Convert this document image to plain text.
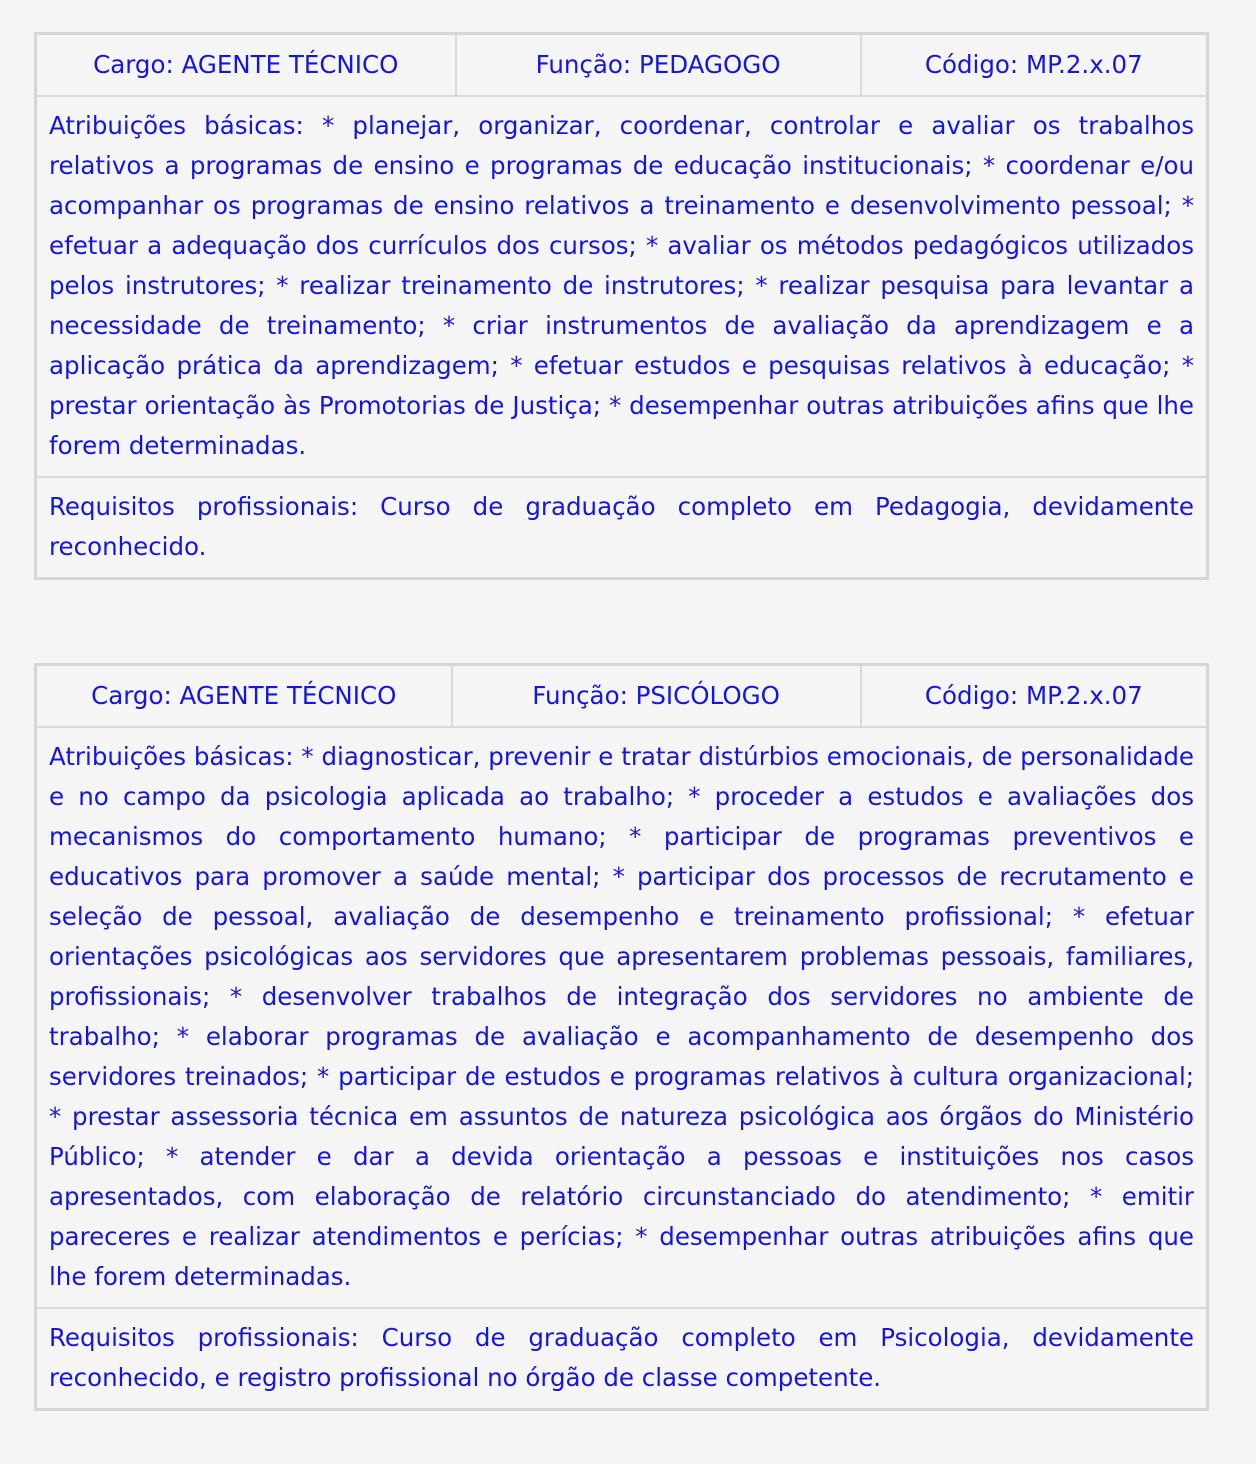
Cargo: AGENTE TÉCNICO	Função: PEDAGOGO	Código: MP.2.x.07
Atribuições básicas: * planejar, organizar, coordenar, controlar e avaliar os trabalhos relativos a programas de ensino e programas de educação institucionais; * coordenar e/ou acompanhar os programas de ensino relativos a treinamento e desenvolvimento pessoal; * efetuar a adequação dos currículos dos cursos; * avaliar os métodos pedagógicos utilizados pelos instrutores; * realizar treinamento de instrutores; * realizar pesquisa para levantar a necessidade de treinamento; * criar instrumentos de avaliação da aprendizagem e a aplicação prática da aprendizagem; * efetuar estudos e pesquisas relativos à educação; * prestar orientação às Promotorias de Justiça; * desempenhar outras atribuições afins que lhe forem determinadas.
Requisitos profissionais: Curso de graduação completo em Pedagogia, devidamente reconhecido.
Cargo: AGENTE TÉCNICO	Função: PSICÓLOGO	Código: MP.2.x.07
Atribuições básicas: * diagnosticar, prevenir e tratar distúrbios emocionais, de personalidade e no campo da psicologia aplicada ao trabalho; * proceder a estudos e avaliações dos mecanismos do comportamento humano; * participar de programas preventivos e educativos para promover a saúde mental; * participar dos processos de recrutamento e seleção de pessoal, avaliação de desempenho e treinamento profissional; * efetuar orientações psicológicas aos servidores que apresentarem problemas pessoais, familiares, profissionais; * desenvolver trabalhos de integração dos servidores no ambiente de trabalho; * elaborar programas de avaliação e acompanhamento de desempenho dos servidores treinados; * participar de estudos e programas relativos à cultura organizacional; * prestar assessoria técnica em assuntos de natureza psicológica aos órgãos do Ministério Público; * atender e dar a devida orientação a pessoas e instituições nos casos apresentados, com elaboração de relatório circunstanciado do atendimento; * emitir pareceres e realizar atendimentos e perícias; * desempenhar outras atribuições afins que lhe forem determinadas.
Requisitos profissionais: Curso de graduação completo em Psicologia, devidamente reconhecido, e registro profissional no órgão de classe competente.
